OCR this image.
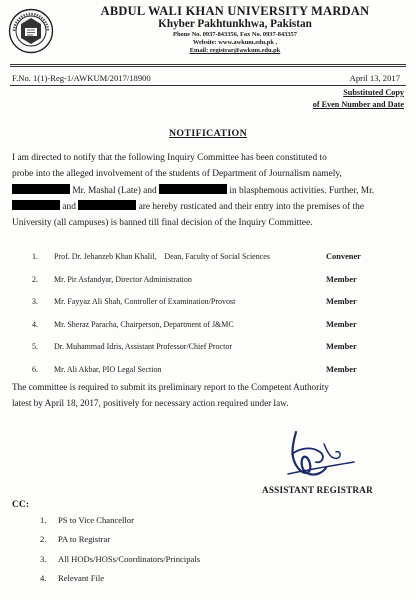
ABDUL WALI KHAN UNIVERSITY MARDAN
Khyber Pakhtunkhwa, Pakistan
Phone No. 0937-843356, Fax No. 0937-843357
Website: www.awkum.edu.pk ,
Email: registrar@awkum.edu.pk
F.No. 1(1)-Reg-1/AWKUM/2017/18900	April 13, 2017
Substituted Copy
of Even Number and Date
NOTIFICATION
I am directed to notify that the following Inquiry Committee has been constituted to
probe into the alleged involvement of the students of Department of Journalism namely,
Mr. Mashal (Late) and	in blasphemous activities. Further, Mr.
and	are hereby rusticated and their entry into the premises of the
University (all campuses) is banned till final decision of the Inquiry Committee.
1.	Prof. Dr. Jehanzeb Khan Khalil,    Dean, Faculty of Social Sciences	Convener
2.	Mr. Pir Asfandyar, Director Administration	Member
3.	Mr. Fayyaz Ali Shah, Controller of Examination/Provost	Member
4.	Mr. Sheraz Paracha, Chairperson, Department of J&MC	Member
5.	Dr. Muhammad Idris, Assistant Professor/Chief Proctor	Member
6.	Mr. Ali Akbar, PIO Legal Section	Member
The committee is required to submit its preliminary report to the Competent Authority
latest by April 18, 2017, positively for necessary action required under law.
ASSISTANT REGISTRAR
CC:
1. PS to Vice Chancellor
2. PA to Registrar
3. All HODs/HOSs/Coordinators/Principals
4. Relevant File
